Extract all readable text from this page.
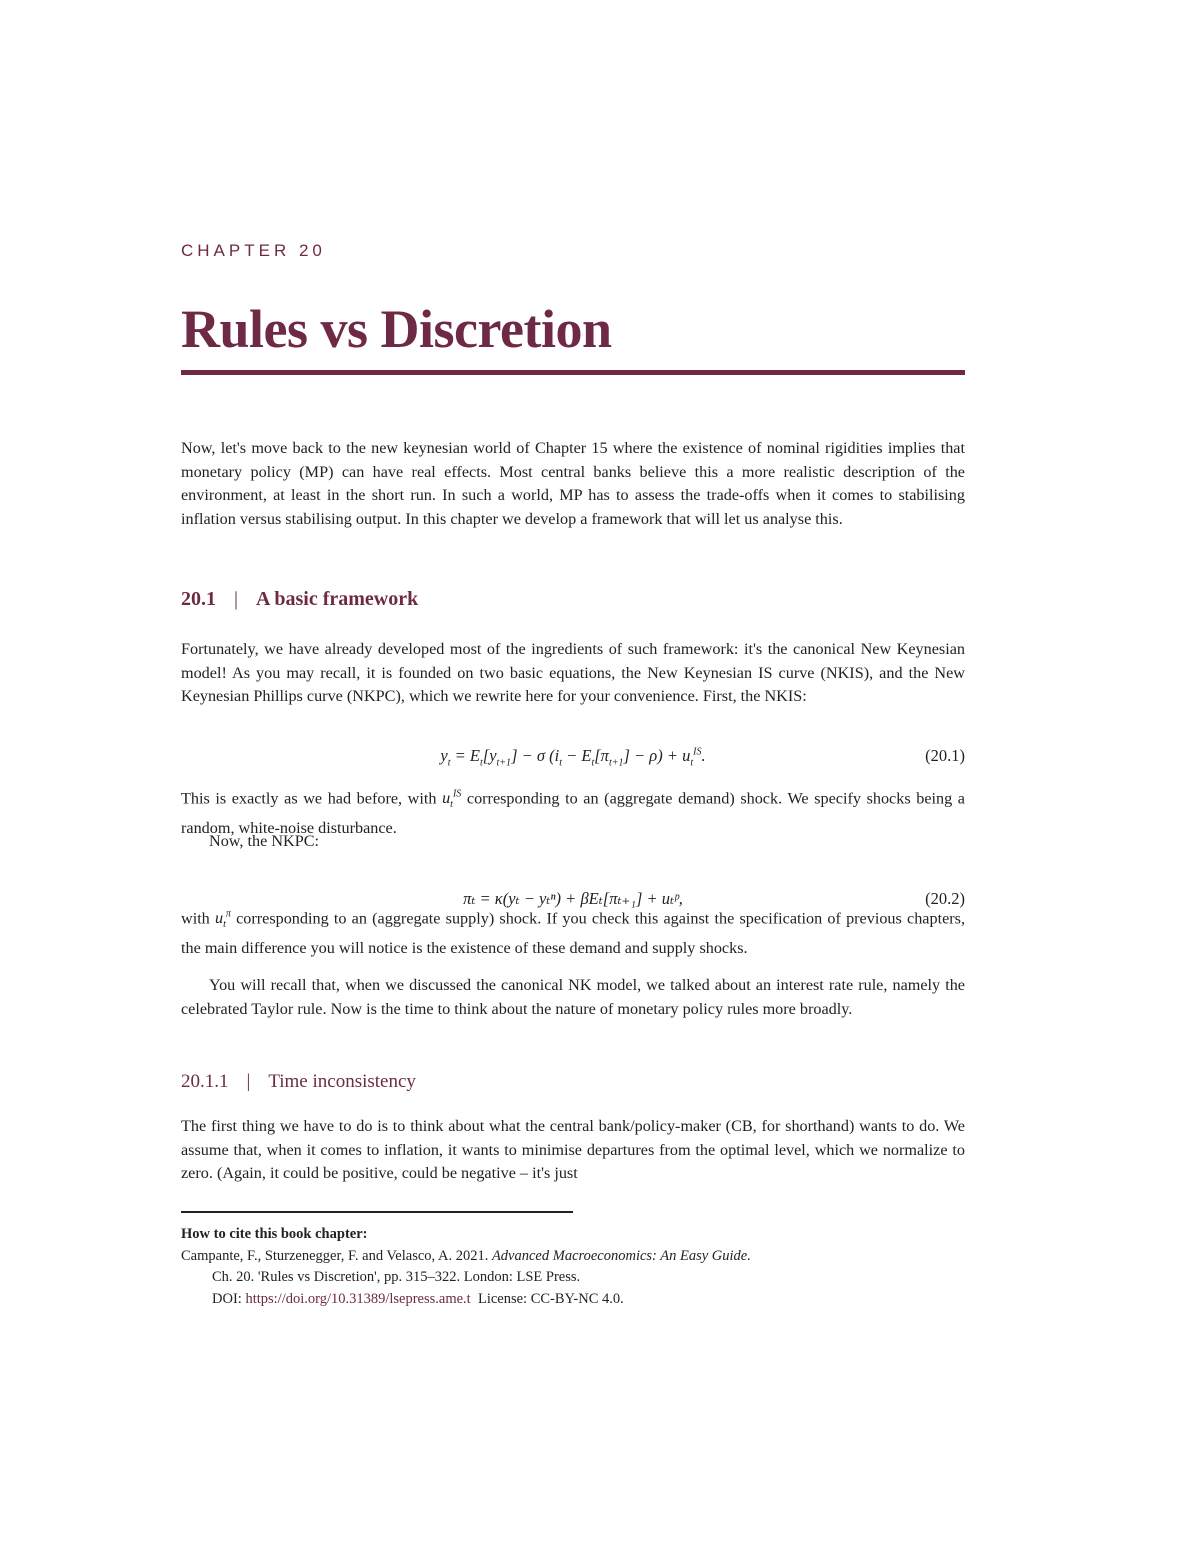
CHAPTER 20
Rules vs Discretion

Now, let's move back to the new keynesian world of Chapter 15 where the existence of nominal rigidities implies that monetary policy (MP) can have real effects. Most central banks believe this a more realistic description of the environment, at least in the short run. In such a world, MP has to assess the trade-offs when it comes to stabilising inflation versus stabilising output. In this chapter we develop a framework that will let us analyse this.

20.1 | A basic framework

Fortunately, we have already developed most of the ingredients of such framework: it's the canonical New Keynesian model! As you may recall, it is founded on two basic equations, the New Keynesian IS curve (NKIS), and the New Keynesian Phillips curve (NKPC), which we rewrite here for your convenience. First, the NKIS:

$y_t = E_t[y_{t+1}] - \sigma$ $(i_t - E_t[\pi_{t+1}] - \rho) + u_t^{IS}$.	(20.1)

This is exactly as we had before, with $u_t^{IS}$ corresponding to an (aggregate demand) shock. We specify shocks being a random, white-noise disturbance.

Now, the NKPC:

πₜ = κ(yₜ − yₜⁿ) + βEₜ[πₜ₊₁] + uₜᵖ,	(20.2)

with $u_t^\pi$ corresponding to an (aggregate supply) shock. If you check this against the specification of previous chapters, the main difference you will notice is the existence of these demand and supply shocks.

You will recall that, when we discussed the canonical NK model, we talked about an interest rate rule, namely the celebrated Taylor rule. Now is the time to think about the nature of monetary policy rules more broadly.

20.1.1 | Time inconsistency

The first thing we have to do is to think about what the central bank/policy-maker (CB, for shorthand) wants to do. We assume that, when it comes to inflation, it wants to minimise departures from the optimal level, which we normalize to zero. (Again, it could be positive, could be negative – it's just

How to cite this book chapter:
Campante, F., Sturzenegger, F. and Velasco, A. 2021. Advanced Macroeconomics: An Easy Guide.
Ch. 20. 'Rules vs Discretion', pp. 315–322. London: LSE Press.
DOI: https://doi.org/10.31389/lsepress.ame.t License: CC-BY-NC 4.0.
